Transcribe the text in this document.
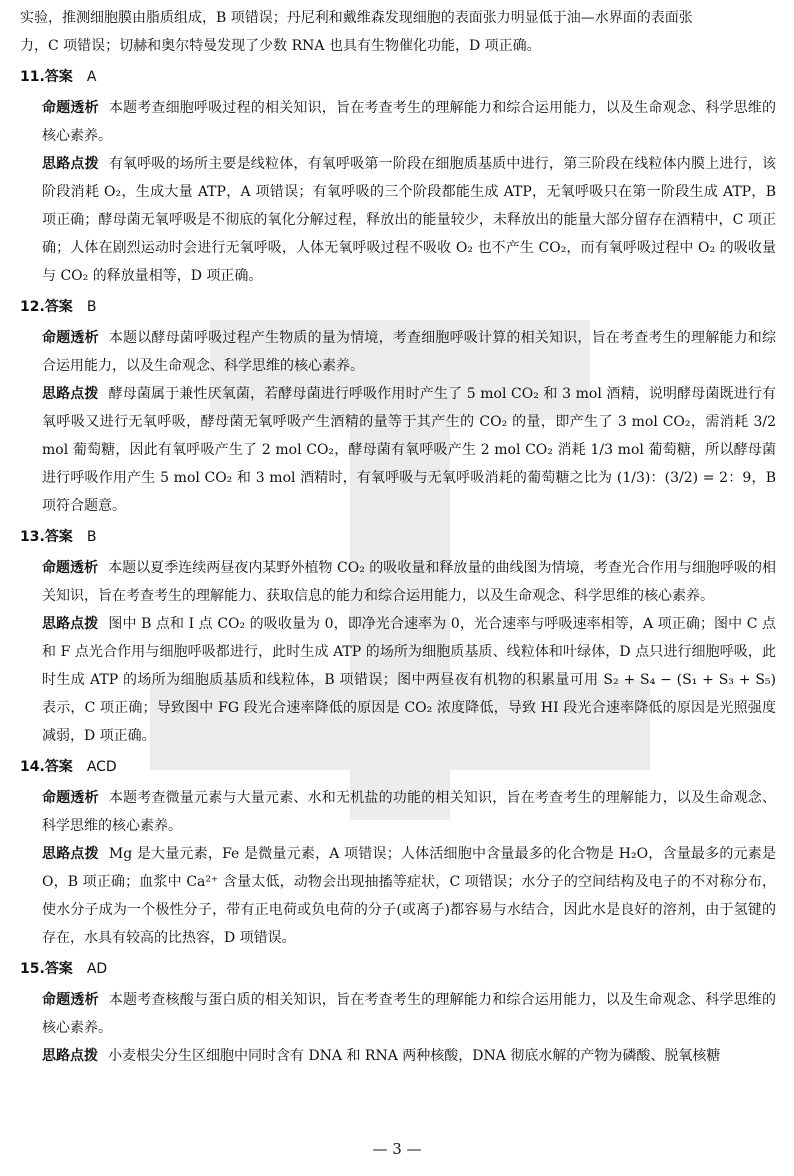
实验，推测细胞膜由脂质组成，B 项错误；丹尼利和戴维森发现细胞的表面张力明显低于油—水界面的表面张

力，C 项错误；切赫和奥尔特曼发现了少数 RNA 也具有生物催化功能，D 项正确。

11.答案 A

命题透析 本题考查细胞呼吸过程的相关知识，旨在考查考生的理解能力和综合运用能力，以及生命观念、科学思维的核心素养。

思路点拨 有氧呼吸的场所主要是线粒体，有氧呼吸第一阶段在细胞质基质中进行，第三阶段在线粒体内膜上进行，该阶段消耗 O₂，生成大量 ATP，A 项错误；有氧呼吸的三个阶段都能生成 ATP，无氧呼吸只在第一阶段生成 ATP，B 项正确；酵母菌无氧呼吸是不彻底的氧化分解过程，释放出的能量较少，未释放出的能量大部分留存在酒精中，C 项正确；人体在剧烈运动时会进行无氧呼吸，人体无氧呼吸过程不吸收 O₂ 也不产生 CO₂，而有氧呼吸过程中 O₂ 的吸收量与 CO₂ 的释放量相等，D 项正确。

12.答案 B

命题透析 本题以酵母菌呼吸过程产生物质的量为情境，考查细胞呼吸计算的相关知识，旨在考查考生的理解能力和综合运用能力，以及生命观念、科学思维的核心素养。

思路点拨 酵母菌属于兼性厌氧菌，若酵母菌进行呼吸作用时产生了 5 mol CO₂ 和 3 mol 酒精，说明酵母菌既进行有氧呼吸又进行无氧呼吸，酵母菌无氧呼吸产生酒精的量等于其产生的 CO₂ 的量，即产生了 3 mol CO₂，需消耗 3/2 mol 葡萄糖，因此有氧呼吸产生了 2 mol CO₂，酵母菌有氧呼吸产生 2 mol CO₂ 消耗 1/3 mol 葡萄糖，所以酵母菌进行呼吸作用产生 5 mol CO₂ 和 3 mol 酒精时，有氧呼吸与无氧呼吸消耗的葡萄糖之比为 (1/3)：(3/2) = 2：9，B 项符合题意。

13.答案 B

命题透析 本题以夏季连续两昼夜内某野外植物 CO₂ 的吸收量和释放量的曲线图为情境，考查光合作用与细胞呼吸的相关知识，旨在考查考生的理解能力、获取信息的能力和综合运用能力，以及生命观念、科学思维的核心素养。

思路点拨 图中 B 点和 I 点 CO₂ 的吸收量为 0，即净光合速率为 0，光合速率与呼吸速率相等，A 项正确；图中 C 点和 F 点光合作用与细胞呼吸都进行，此时生成 ATP 的场所为细胞质基质、线粒体和叶绿体，D 点只进行细胞呼吸，此时生成 ATP 的场所为细胞质基质和线粒体，B 项错误；图中两昼夜有机物的积累量可用 S₂ + S₄ − (S₁ + S₃ + S₅) 表示，C 项正确；导致图中 FG 段光合速率降低的原因是 CO₂ 浓度降低，导致 HI 段光合速率降低的原因是光照强度减弱，D 项正确。

14.答案 ACD

命题透析 本题考查微量元素与大量元素、水和无机盐的功能的相关知识，旨在考查考生的理解能力，以及生命观念、科学思维的核心素养。

思路点拨 Mg 是大量元素，Fe 是微量元素，A 项错误；人体活细胞中含量最多的化合物是 H₂O，含量最多的元素是 O，B 项正确；血浆中 Ca²⁺ 含量太低，动物会出现抽搐等症状，C 项错误；水分子的空间结构及电子的不对称分布，使水分子成为一个极性分子，带有正电荷或负电荷的分子(或离子)都容易与水结合，因此水是良好的溶剂，由于氢键的存在，水具有较高的比热容，D 项错误。

15.答案 AD

命题透析 本题考查核酸与蛋白质的相关知识，旨在考查考生的理解能力和综合运用能力，以及生命观念、科学思维的核心素养。

思路点拨 小麦根尖分生区细胞中同时含有 DNA 和 RNA 两种核酸，DNA 彻底水解的产物为磷酸、脱氧核糖

— 3 —
